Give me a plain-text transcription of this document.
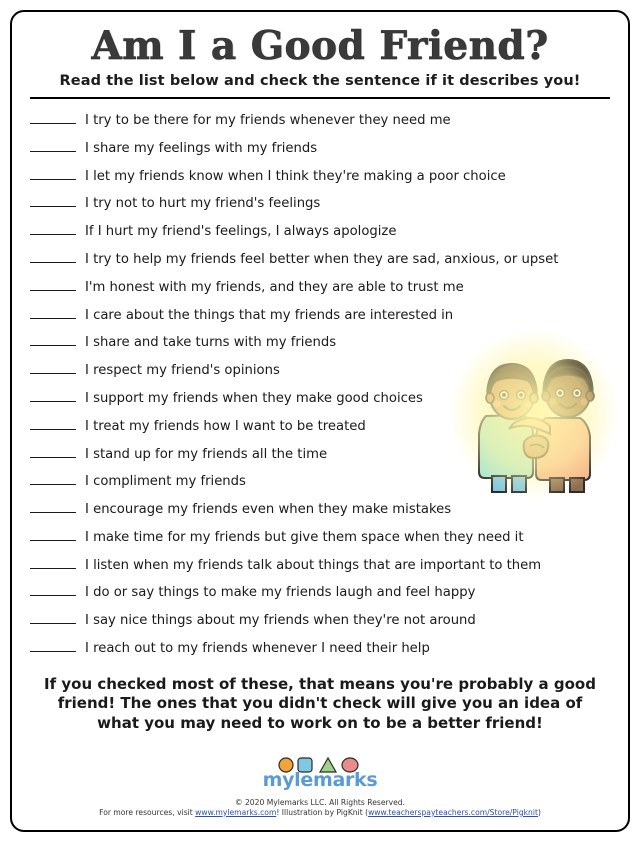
Am I a Good Friend?
Read the list below and check the sentence if it describes you!
I try to be there for my friends whenever they need me
I share my feelings with my friends
I let my friends know when I think they're making a poor choice
I try not to hurt my friend's feelings
If I hurt my friend's feelings, I always apologize
I try to help my friends feel better when they are sad, anxious, or upset
I'm honest with my friends, and they are able to trust me
I care about the things that my friends are interested in
I share and take turns with my friends
I respect my friend's opinions
I support my friends when they make good choices
I treat my friends how I want to be treated
I stand up for my friends all the time
I compliment my friends
I encourage my friends even when they make mistakes
I make time for my friends but give them space when they need it
I listen when my friends talk about things that are important to them
I do or say things to make my friends laugh and feel happy
I say nice things about my friends when they're not around
I reach out to my friends whenever I need their help
If you checked most of these, that means you're probably a good friend! The ones that you didn't check will give you an idea of what you may need to work on to be a better friend!
mylemarks
© 2020 Mylemarks LLC. All Rights Reserved.
For more resources, visit www.mylemarks.com! Illustration by PigKnit (www.teacherspayteachers.com/Store/Pigknit)
